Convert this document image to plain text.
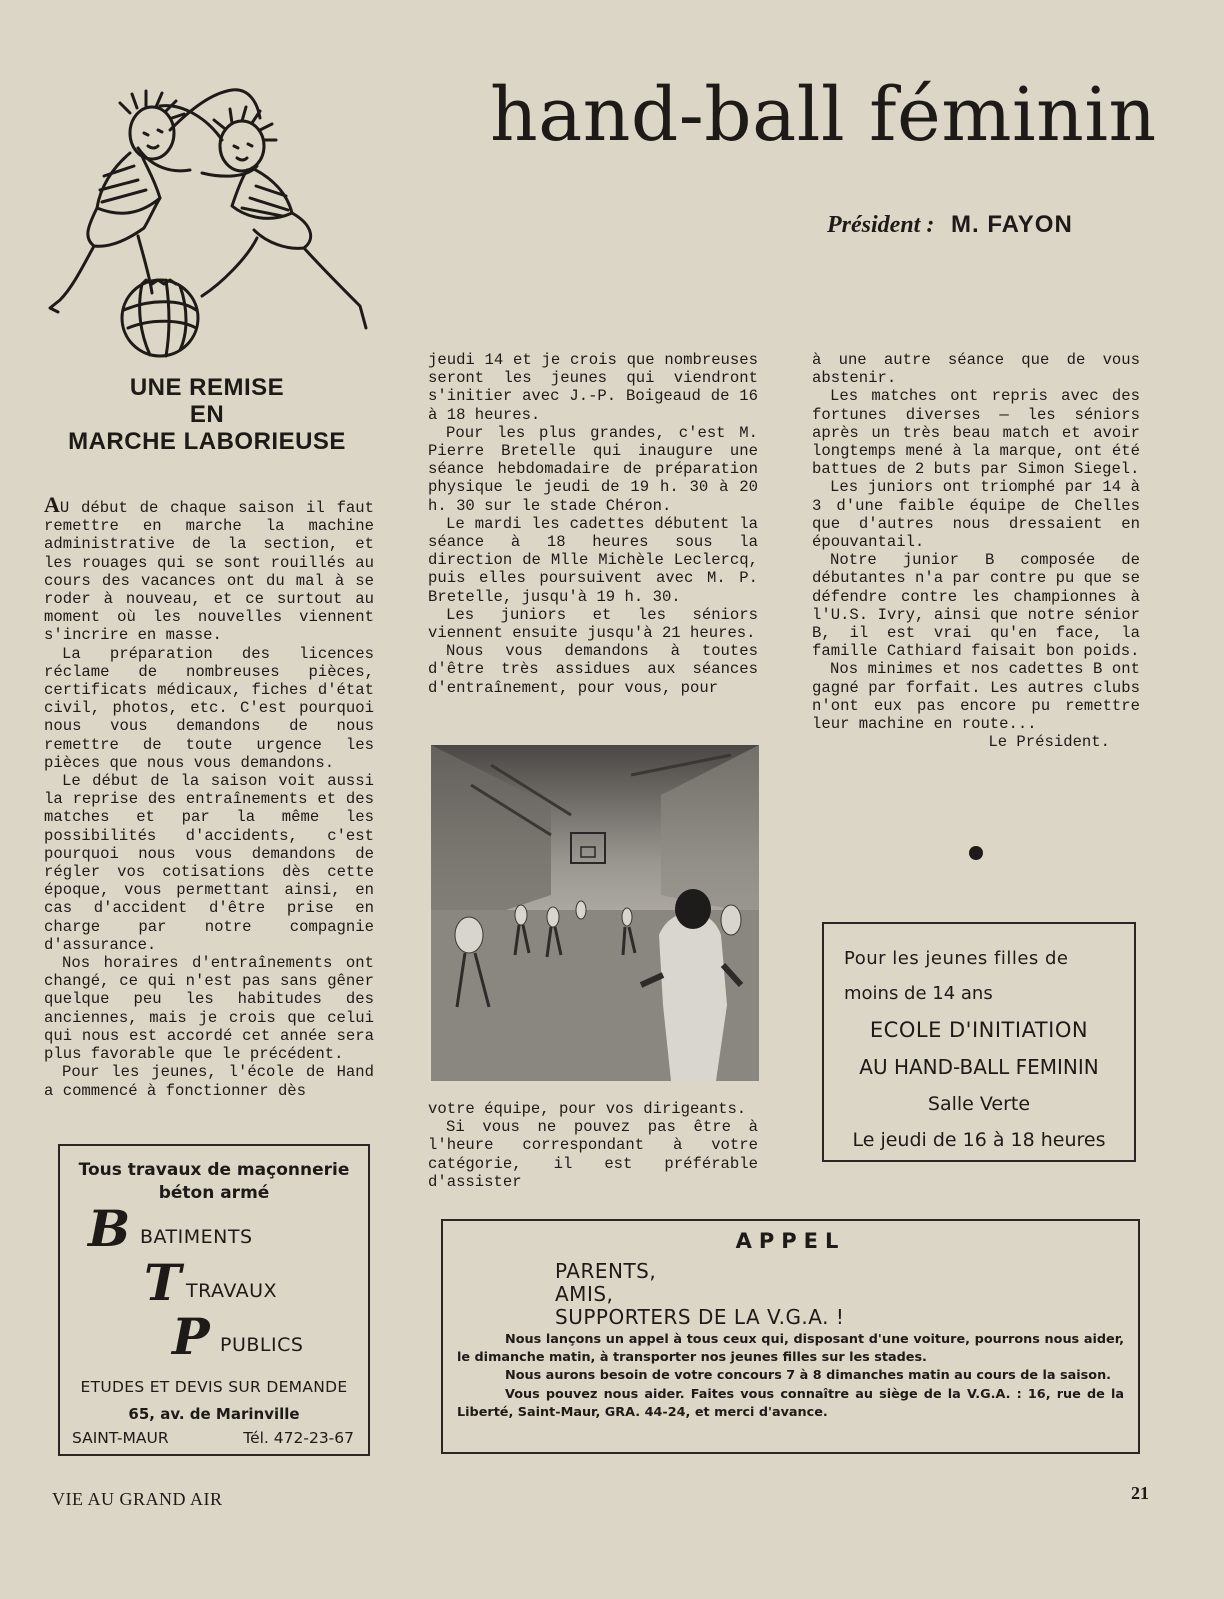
hand-ball féminin
Président : M. FAYON
UNE REMISE
EN
MARCHE LABORIEUSE

AU début de chaque saison il faut remettre en marche la machine administrative de la section, et les rouages qui se sont rouillés au cours des vacances ont du mal à se roder à nouveau, et ce surtout au moment où les nouvelles viennent s'incrire en masse.

La préparation des licences réclame de nombreuses pièces, certificats médicaux, fiches d'état civil, photos, etc. C'est pourquoi nous vous demandons de nous remettre de toute urgence les pièces que nous vous demandons.

Le début de la saison voit aussi la reprise des entraînements et des matches et par la même les possibilités d'accidents, c'est pourquoi nous vous demandons de régler vos cotisations dès cette époque, vous permettant ainsi, en cas d'accident d'être prise en charge par notre compagnie d'assurance.

Nos horaires d'entraînements ont changé, ce qui n'est pas sans gêner quelque peu les habitudes des anciennes, mais je crois que celui qui nous est accordé cet année sera plus favorable que le précédent.

Pour les jeunes, l'école de Hand a commencé à fonctionner dès

jeudi 14 et je crois que nombreuses seront les jeunes qui viendront s'initier avec J.-P. Boigeaud de 16 à 18 heures.

Pour les plus grandes, c'est M. Pierre Bretelle qui inaugure une séance hebdomadaire de préparation physique le jeudi de 19 h. 30 à 20 h. 30 sur le stade Chéron.

Le mardi les cadettes débutent la séance à 18 heures sous la direction de Mlle Michèle Leclercq, puis elles poursuivent avec M. P. Bretelle, jusqu'à 19 h. 30.

Les juniors et les séniors viennent ensuite jusqu'à 21 heures.

Nous vous demandons à toutes d'être très assidues aux séances d'entraînement, pour vous, pour

votre équipe, pour vos dirigeants.

Si vous ne pouvez pas être à l'heure correspondant à votre catégorie, il est préférable d'assister

à une autre séance que de vous abstenir.

Les matches ont repris avec des fortunes diverses — les séniors après un très beau match et avoir longtemps mené à la marque, ont été battues de 2 buts par Simon Siegel.

Les juniors ont triomphé par 14 à 3 d'une faible équipe de Chelles que d'autres nous dressaient en épouvantail.

Notre junior B composée de débutantes n'a par contre pu que se défendre contre les championnes à l'U.S. Ivry, ainsi que notre sénior B, il est vrai qu'en face, la famille Cathiard faisait bon poids.

Nos minimes et nos cadettes B ont gagné par forfait. Les autres clubs n'ont eux pas encore pu remettre leur machine en route...

Le Président.
Pour les jeunes filles de
moins de 14 ans
ECOLE D'INITIATION
AU HAND-BALL FEMININ
Salle Verte
Le jeudi de 16 à 18 heures
Tous travaux de maçonnerie
béton armé
B BATIMENTS
T TRAVAUX
P PUBLICS
ETUDES ET DEVIS SUR DEMANDE
65, av. de Marinville
SAINT-MAUR	Tél. 472-23-67
APPEL
PARENTS,
AMIS,
SUPPORTERS DE LA V.G.A. !

Nous lançons un appel à tous ceux qui, disposant d'une voiture, pourrons nous aider, le dimanche matin, à transporter nos jeunes filles sur les stades.

Nous aurons besoin de votre concours 7 à 8 dimanches matin au cours de la saison.

Vous pouvez nous aider. Faites vous connaître au siège de la V.G.A. : 16, rue de la Liberté, Saint-Maur, GRA. 44-24, et merci d'avance.

VIE AU GRAND AIR	21
